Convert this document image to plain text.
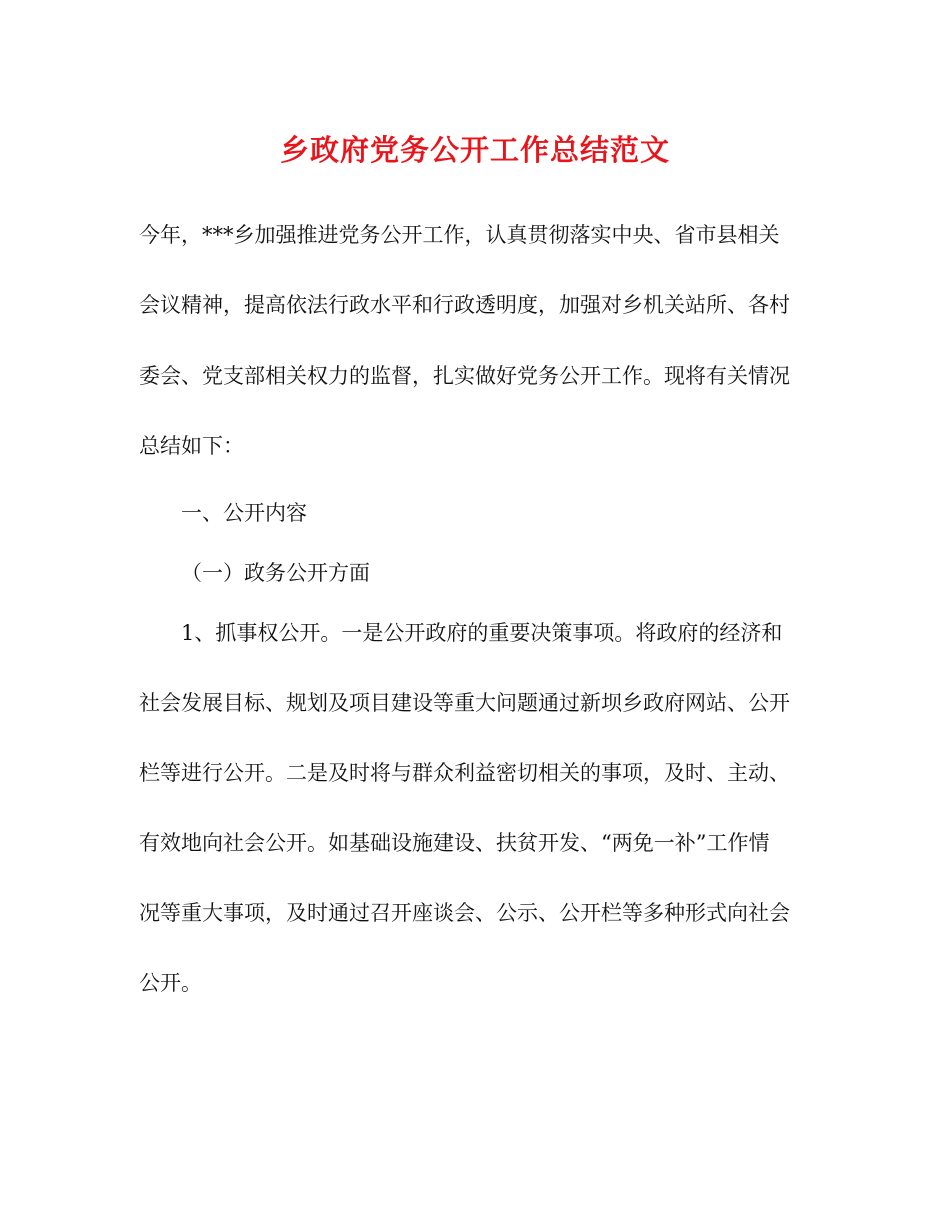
乡政府党务公开工作总结范文

今年，***乡加强推进党务公开工作，认真贯彻落实中央、省市县相关

会议精神，提高依法行政水平和行政透明度，加强对乡机关站所、各村

委会、党支部相关权力的监督，扎实做好党务公开工作。现将有关情况

总结如下：

一、公开内容

（一）政务公开方面

1、抓事权公开。一是公开政府的重要决策事项。将政府的经济和

社会发展目标、规划及项目建设等重大问题通过新坝乡政府网站、公开

栏等进行公开。二是及时将与群众利益密切相关的事项，及时、主动、

有效地向社会公开。如基础设施建设、扶贫开发、“两免一补”工作情

况等重大事项，及时通过召开座谈会、公示、公开栏等多种形式向社会

公开。
